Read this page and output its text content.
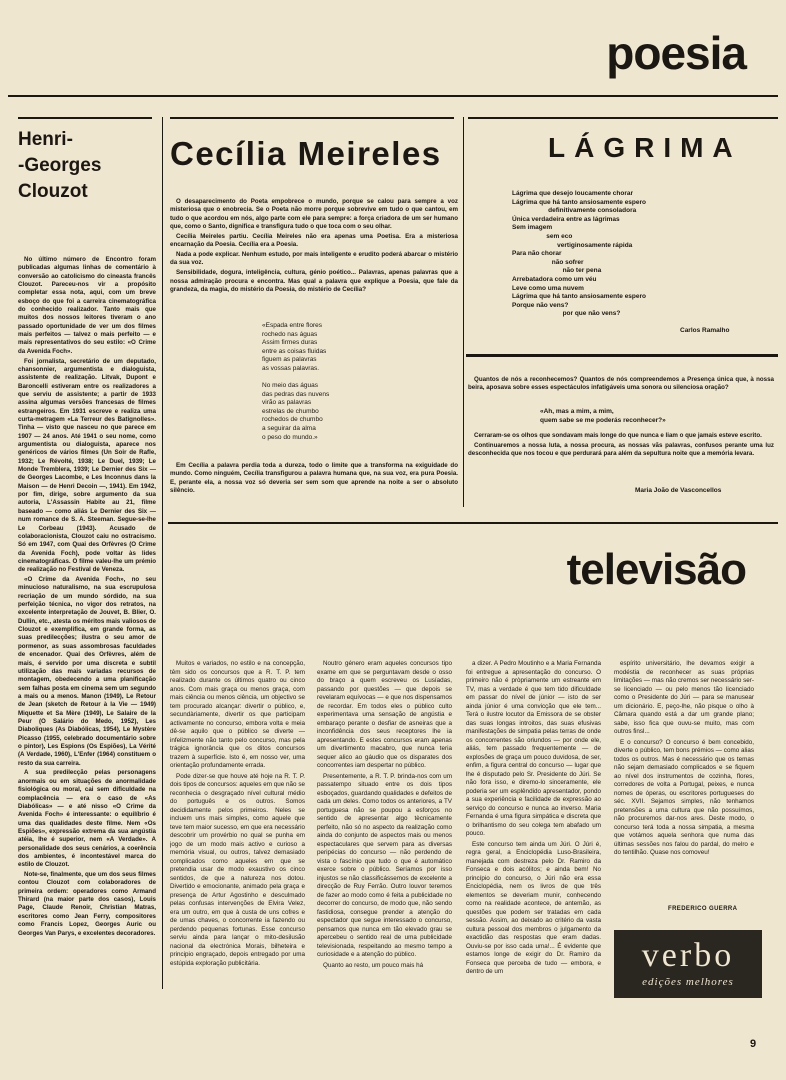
poesia
Henri-
-Georges
Clouzot

No último número de Encontro foram publicadas algumas linhas de comentário à conversão ao catolicismo do cineasta francês Clouzot. Pareceu-nos vir a propósito completar essa nota, aqui, com um breve esboço do que foi a carreira cinematográfica do conhecido realizador. Tanto mais que muitos dos nossos leitores tiveram o ano passado oportunidade de ver um dos filmes mais perfeitos — talvez o mais perfeito — e mais representativos do seu estilo: «O Crime da Avenida Foch».

Foi jornalista, secretário de um deputado, chansonnier, argumentista e dialoguista, assistente de realização. Litvak, Dupont e Baroncelli estiveram entre os realizadores a que serviu de assistente; a partir de 1933 assina algumas versões francesas de filmes estrangeiros. Em 1931 escreve e realiza uma curta-metragem «La Terreur des Batignolles». Tinha — visto que nasceu no que parece em 1907 — 24 anos. Até 1941 o seu nome, como argumentista ou dialoguista, aparece nos genéricos de vários filmes (Un Soir de Rafle, 1932; Le Révolté, 1938; Le Duel, 1939; Le Monde Tremblera, 1939; Le Dernier des Six — de Georges Lacombe, e Les Inconnus dans la Maison — de Henri Decoin —, 1941). Em 1942, por fim, dirige, sobre argumento da sua autoria, L'Assassin Habite au 21, filme baseado — como aliás Le Dernier des Six — num romance de S. A. Steeman. Segue-se-lhe Le Corbeau (1943). Acusado de colaboracionista, Clouzot caiu no ostracismo. Só em 1947, com Quai des Orfèvres (O Crime da Avenida Foch), pode voltar às lides cinematográficas. O filme valeu-lhe um prémio de realização no Festival de Veneza.

«O Crime da Avenida Foch», no seu minucioso naturalismo, na sua escrupulosa recriação de um mundo sórdido, na sua perfeição técnica, no vigor dos retratos, na excelente interpretação de Jouvet, B. Blier, O. Dullin, etc., atesta os méritos mais valiosos de Clouzot e exemplifica, em grande forma, as suas predilecções; ilustra o seu amor de pormenor, as suas assombrosas faculdades de encenador. Quai des Orfèvres, além de mais, é servido por uma discreta e subtil utilização das mais variadas recursos de montagem, obedecendo a uma planificação sem falhas posta em cinema sem um segundo a mais ou a menos. Manon (1949), Le Retour de Jean (sketch de Retour à la Vie — 1949) Miquette et Sa Mère (1949), Le Salaire de la Peur (O Salário do Medo, 1952), Les Diaboliques (As Diabólicas, 1954), Le Mystère Picasso (1955, celebrado documentário sobre o pintor), Les Espions (Os Espiões), La Vérité (A Verdade, 1960), L'Enfer (1964) constituem o resto da sua carreira.

A sua predilecção pelas personagens anormais ou em situações de anormalidade fisiológica ou moral, cai sem dificuldade na complacência — era o caso de «As Diabólicas» — e até nisso «O Crime da Avenida Foch» é interessante: o equilíbrio é uma das qualidades deste filme. Nem «Os Espiões», expressão extrema da sua angústia atéia, lhe é superior, nem «A Verdade». A personalidade dos seus cenários, a coerência dos ambientes, é incontestável marca do estilo de Clouzot.

Note-se, finalmente, que um dos seus filmes contou Clouzot com colaboradores de primeira ordem: operadores como Armand Thirard (na maior parte dos casos), Louis Page, Claude Renoir, Christian Matras, escritores como Jean Ferry, compositores como Francis Lopez, Georges Auric ou Georges Van Parys, e excelentes decoradores.

Cecília Meireles

O desaparecimento do Poeta empobrece o mundo, porque se calou para sempre a voz misteriosa que o enobrecia. Se o Poeta não morre porque sobrevive em tudo o que cantou, em tudo o que acordou em nós, algo parte com ele para sempre: a força criadora de um ser humano que, como o Santo, dignifica e transfigura tudo o que toca com o seu olhar.

Cecília Meireles partiu. Cecília Meireles não era apenas uma Poetisa. Era a misteriosa encarnação da Poesia. Cecília era a Poesia.

Nada a pode explicar. Nenhum estudo, por mais inteligente e erudito poderá abarcar o mistério da sua voz.

Sensibilidade, dogura, inteligência, cultura, génio poético... Palavras, apenas palavras que a nossa admiração procura e encontra. Mas qual a palavra que explique a Poesia, que fale da grandeza, da magia, do mistério da Poesia, do mistério de Cecília?

«Espada entre flores
rochedo nas águas
Assim firmes duras
entre as coisas fluidas
figuem as palavras
as vossas palavras.
No meio das águas
das pedras das nuvens
virão as palavras
estrelas de chumbo
rochedos de chumbo
a seguirar da alma
o peso do mundo.»

Em Cecília a palavra perdia toda a dureza, todo o limite que a transforma na exiguidade do mundo. Como ninguém, Cecília transfigurou a palavra humana que, na sua voz, era pura Poesia. E, perante ela, a nossa voz só deveria ser sem som que aprende na noite a ser o absoluto silêncio.

LÁGRIMA
Lágrima que desejo loucamente chorar
Lágrima que há tanto ansiosamente espero
definitivamente consoladora
Única verdadeira entre as lágrimas
Sem imagem
sem eco
vertiginosamente rápida
Para não chorar
não sofrer
não ter pena
Arrebatadora como um véu
Leve como uma nuvem
Lágrima que há tanto ansiosamente espero
Porque não vens?
por que não vens?
Carlos Ramalho

Quantos de nós a reconhecemos? Quantos de nós compreendemos a Presença única que, à nossa beira, aposava sobre esses espectáculos infatigáveis uma sonora ou silenciosa oração?

«Ah, mas a mim, a mim,
quem sabe se me poderás reconhecer?»

Cerraram-se os olhos que sondavam mais longe do que nunca e liam o que jamais esteve escrito.

Continuaremos a nossa luta, a nossa procura, as nossas vãs palavras, confusos perante uma luz desconhecida que nos tocou e que perdurará para além da sepultura noite que a memória levara.

Maria João de Vasconcellos
televisão

Muitos e variados, no estilo e na concepção, têm sido os concursos que a R. T. P. tem realizado durante os últimos quatro ou cinco anos. Com mais graça ou menos graça, com mais ciência ou menos ciência, um objectivo se tem procurado alcançar: divertir o público, e, secundàriamente, divertir os que participam activamente no concurso, embora volta e meia dê-se aquilo que o público se diverte — infelizmente não tanto pelo concurso, mas pela trágica ignorância que os ditos concursos trazem à superfície. Isto é, em nosso ver, uma orientação profundamente errada.

Pode dizer-se que houve até hoje na R. T. P. dois tipos de concursos: aqueles em que não se reconhecia o desgraçado nível cultural médio do português e os outros. Somos decididamente pelos primeiros. Neles se incluem uns mais simples, como aquele que teve tem maior sucesso, em que era necessário descobrir um provérbio no qual se punha em jogo de um modo mais activo e curioso a memória visual, ou outros, talvez demasiado complicados como aqueles em que se pretendia usar de modo exaustivo os cinco sentidos, de que a natureza nos dotou. Divertido e emocionante, animado pela graça e presença de Artur Agostinho e desculmado pelas confusas intervenções de Elvira Velez, era um outro, em que à custa de uns cofres e de umas chaves, o concorrente ia fazendo ou perdendo pequenas fortunas. Esse concurso serviu ainda para lançar o mito-desilusão nacional da electrónica Morais, bilheteira e principio engraçado, depois entregado por uma estúpida exploração publicitária.

Noutro género eram aqueles concursos tipo exame em que se perguntavam desde o osso do braço a quem escreveu os Lusíadas, passando por questões — que depois se revelaram equívocas — e que nos dispensamos de recordar. Em todos eles o público culto experimentava uma sensação de angústia e embaraço perante o desfiar de asneiras que a inconfidência dos seus receptores lhe ia apresentando. E estes concursos eram apenas um divertimento macabro, que nunca teria sequer alico ao gáudio que os disparates dos concorrentes iam despertar no público.

Presentemente, a R. T. P. brinda-nos com um passatempo situado entre os dois tipos esboçados, guardando qualidades e defeitos de cada um deles. Como todos os anteriores, a TV portuguesa não se poupou a esforços no sentido de apresentar algo tècnicamente perfeito, não só no aspecto da realização como ainda do conjunto de aspectos mais ou menos espectaculares que servem para as diversas peripécias do concurso — não perdendo de vista o fascínio que tudo o que é automático exerce sobre o público. Seríamos por isso injustos se não classificássemos de excelente a direcção de Ruy Ferrão. Outro louvor teremos de fazer ao modo como é feita a publicidade no decorrer do concurso, de modo que, não sendo fastidiosa, consegue prender a atenção do espectador que segue interessado o concurso, pensamos que nunca em tão elevado grau se apercebeu o sentido real de uma publicidade televisionada, respeitando ao mesmo tempo a curiosidade e a atenção do público.

Quanto ao resto, um pouco mais há

a dizer. A Pedro Moutinho e a Maria Fernanda foi entregue a apresentação do concurso. O primeiro não é pròpriamente um estreante em TV, mas a verdade é que tem tido dificuldade em passar do nível de júnior — isto de ser ainda júnior é uma convicção que ele tem... Terá o ilustre locutor da Emissora de se obster das suas longas introitos, das suas efusivas manifestações de simpatia pelas terras de onde os concorrentes são oriundos — por onde ele, aliás, tem passado frequentemente — de explosões de graça um pouco duvidosa, de ser, enfim, a figura central do concurso — lugar que lhe é disputado pelo Sr. Presidente do Júri. Se não fora isso, e diremo-lo sinceramente, ele poderia ser um esplêndido apresentador, pondo a sua experiência e facilidade de expressão ao serviço do concurso e nunca ao inverso. Maria Fernanda é uma figura simpática e discreta que o brilhantismo do seu colega tem abafado um pouco.

Este concurso tem ainda um Júri. O Júri é, regra geral, a Enciclopédia Luso-Brasileira, manejada com destreza pelo Dr. Ramiro da Fonseca e dois acólitos; e ainda bem! No princípio do concurso, o Júri não era essa Enciclopédia, nem os livros de que três elementos se deveriam munir, conhecendo como na realidade acontece, de antemão, as questões que podem ser tratadas em cada sessão. Assim, ao deixado ao critério da vasta cultura pessoal dos membros o julgamento da exactidão das respostas que eram dadas. Ouviu-se por isso cada uma!... É evidente que estamos longe de exigir do Dr. Ramiro da Fonseca que perceba de tudo — embora, e dentro de um

espírito universitário, lhe devamos exigir a modéstia de reconhecer as suas próprias limitações — mas não cremos ser necessário ser-se licenciado — ou pelo menos tão licenciado como o Presidente do Júri — para se manusear um dicionário. E, peço-lhe, não pisque o olho à Câmara quando está a dar um grande plano; sabe, isso fica que ouvu-se muito, mas com outros finsl...

E o concurso? O concurso é bem concebido, diverte o público, tem bons prémios — como alias todos os outros. Mas é necessário que os temas não sejam demasiado complicados e se fiquem ao nível dos instrumentos de cozinha, flores, corredores de volta a Portugal, peixes, e nunca nomes de óperas, ou escritores portugueses do séc. XVII. Sejamos simples, não tenhamos pretensões a uma cultura que não possuímos, não procuremos dar-nos ares. Deste modo, o concurso terá toda a nossa simpatia, a mesma que votámos aquela senhora que numa das últimas sessões nos falou do pardal, do melro e do tentilhão. Quase nos comoveu!

FREDERICO GUERRA
verbo
edições melhores
9
